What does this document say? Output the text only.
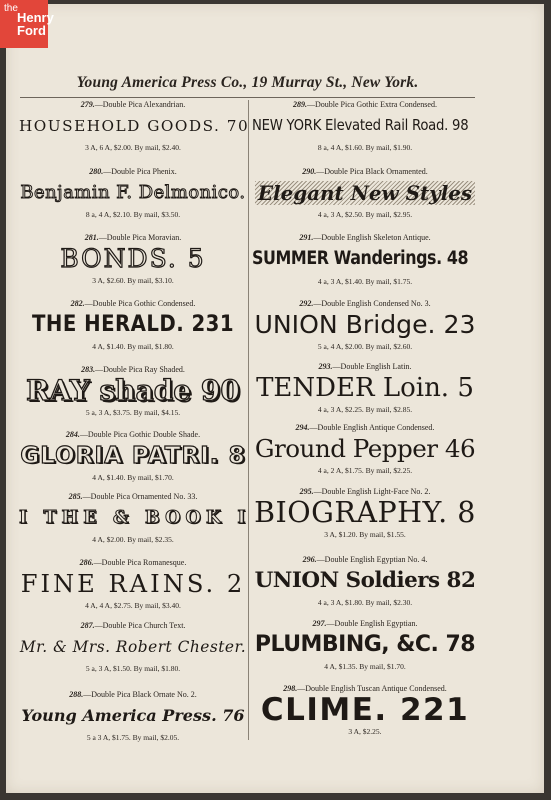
the
Henry
Ford
Young America Press Co., 19 Murray St., New York.
279.—Double Pica Alexandrian.
HOUSEHOLD GOODS. 70
3 A, 6 A, $2.00. By mail, $2.40.
280.—Double Pica Phenix.
Benjamin F. Delmonico.
8 a, 4 A, $2.10. By mail, $3.50.
281.—Double Pica Moravian.
BONDS. 5
3 A, $2.60. By mail, $3.10.
282.—Double Pica Gothic Condensed.
THE HERALD. 231
4 A, $1.40. By mail, $1.80.
283.—Double Pica Ray Shaded.
RAY shade 90
5 a, 3 A, $3.75. By mail, $4.15.
284.—Double Pica Gothic Double Shade.
GLORIA PATRI. 8
4 A, $1.40. By mail, $1.70.
285.—Double Pica Ornamented No. 33.
I THE & BOOK I
4 A, $2.00. By mail, $2.35.
286.—Double Pica Romanesque.
FINE RAINS. 2
4 A, 4 A, $2.75. By mail, $3.40.
287.—Double Pica Church Text.
Mr. & Mrs. Robert Chester.
5 a, 3 A, $1.50. By mail, $1.80.
288.—Double Pica Black Ornate No. 2.
Young America Press. 76
5 a 3 A, $1.75. By mail, $2.05.
289.—Double Pica Gothic Extra Condensed.
NEW YORK Elevated Rail Road. 98
8 a, 4 A, $1.60. By mail, $1.90.
290.—Double Pica Black Ornamented.
Elegant New Styles
4 a, 3 A, $2.50. By mail, $2.95.
291.—Double English Skeleton Antique.
SUMMER Wanderings. 48
4 a, 3 A, $1.40. By mail, $1.75.
292.—Double English Condensed No. 3.
UNION Bridge. 23
5 a, 4 A, $2.00. By mail, $2.60.
293.—Double English Latin.
TENDER Loin. 5
4 a, 3 A, $2.25. By mail, $2.85.
294.—Double English Antique Condensed.
Ground Pepper 46
4 a, 2 A, $1.75. By mail, $2.25.
295.—Double English Light-Face No. 2.
BIOGRAPHY. 8
3 A, $1.20. By mail, $1.55.
296.—Double English Egyptian No. 4.
UNION Soldiers 82
4 a, 3 A, $1.80. By mail, $2.30.
297.—Double English Egyptian.
PLUMBING, &C. 78
4 A, $1.35. By mail, $1.70.
298.—Double English Tuscan Antique Condensed.
CLIME. 221
3 A, $2.25.
